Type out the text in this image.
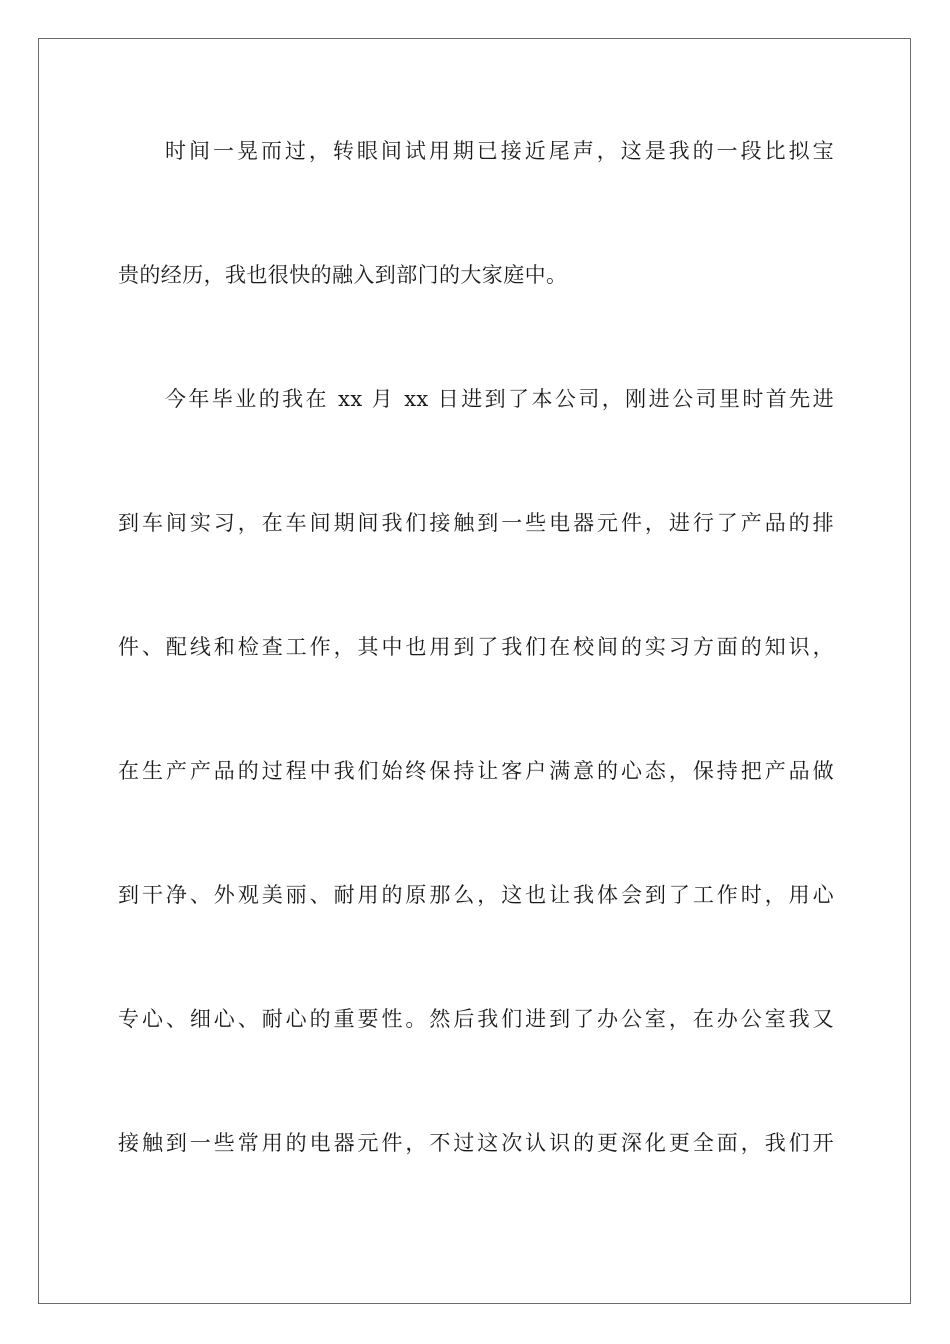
时间一晃而过，转眼间试用期已接近尾声，这是我的一段比拟宝

贵的经历，我也很快的融入到部门的大家庭中。

今年毕业的我在 xx 月 xx 日进到了本公司，刚进公司里时首先进

到车间实习，在车间期间我们接触到一些电器元件，进行了产品的排

件、配线和检查工作，其中也用到了我们在校间的实习方面的知识，

在生产产品的过程中我们始终保持让客户满意的心态，保持把产品做

到干净、外观美丽、耐用的原那么，这也让我体会到了工作时，用心

专心、细心、耐心的重要性。然后我们进到了办公室，在办公室我又

接触到一些常用的电器元件，不过这次认识的更深化更全面，我们开
